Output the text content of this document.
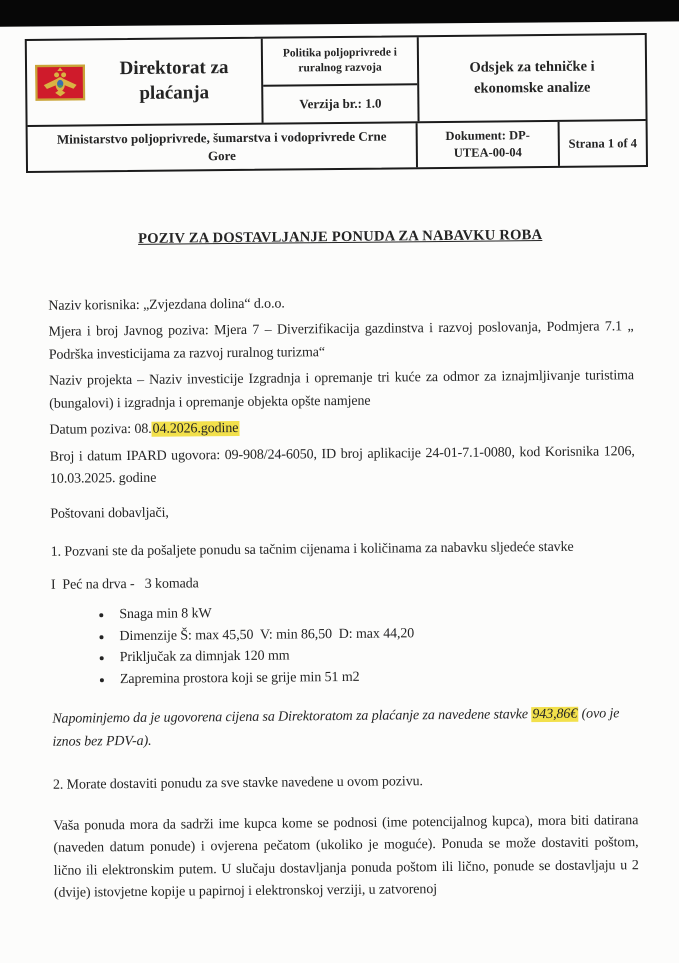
Direktorat za plaćanja
Politika poljoprivrede i ruralnog razvoja
Verzija br.: 1.0
Odsjek za tehničke i ekonomske analize
Ministarstvo poljoprivrede, šumarstva i vodoprivrede Crne Gore
Dokument: DP-UTEA-00-04
Strana 1 of 4
POZIV ZA DOSTAVLJANJE PONUDA ZA NABAVKU ROBA

Naziv korisnika: „Zvjezdana dolina“ d.o.o.

Mjera i broj Javnog poziva: Mjera 7 – Diverzifikacija gazdinstva i razvoj poslovanja, Podmjera 7.1 „ Podrška investicijama za razvoj ruralnog turizma“

Naziv projekta – Naziv investicije Izgradnja i opremanje tri kuće za odmor za iznajmljivanje turistima (bungalovi) i izgradnja i opremanje objekta opšte namjene

Datum poziva: 08.04.2026.godine

Broj i datum IPARD ugovora: 09-908/24-6050, ID broj aplikacije 24-01-7.1-0080, kod Korisnika 1206, 10.03.2025. godine

Poštovani dobavljači,

1. Pozvani ste da pošaljete ponudu sa tačnim cijenama i količinama za nabavku sljedeće stavke

I  Peć na drva -   3 komada

• Snaga min 8 kW
• Dimenzije Š: max 45,50  V: min 86,50  D: max 44,20
• Priključak za dimnjak 120 mm
• Zapremina prostora koji se grije min 51 m2

Napominjemo da je ugovorena cijena sa Direktoratom za plaćanje za navedene stavke 943,86€ (ovo je iznos bez PDV-a).

2. Morate dostaviti ponudu za sve stavke navedene u ovom pozivu.

Vaša ponuda mora da sadrži ime kupca kome se podnosi (ime potencijalnog kupca), mora biti datirana (naveden datum ponude) i ovjerena pečatom (ukoliko je moguće). Ponuda se može dostaviti poštom, lično ili elektronskim putem. U slučaju dostavljanja ponuda poštom ili lično, ponude se dostavljaju u 2 (dvije) istovjetne kopije u papirnoj i elektronskoj verziji, u zatvorenoj
